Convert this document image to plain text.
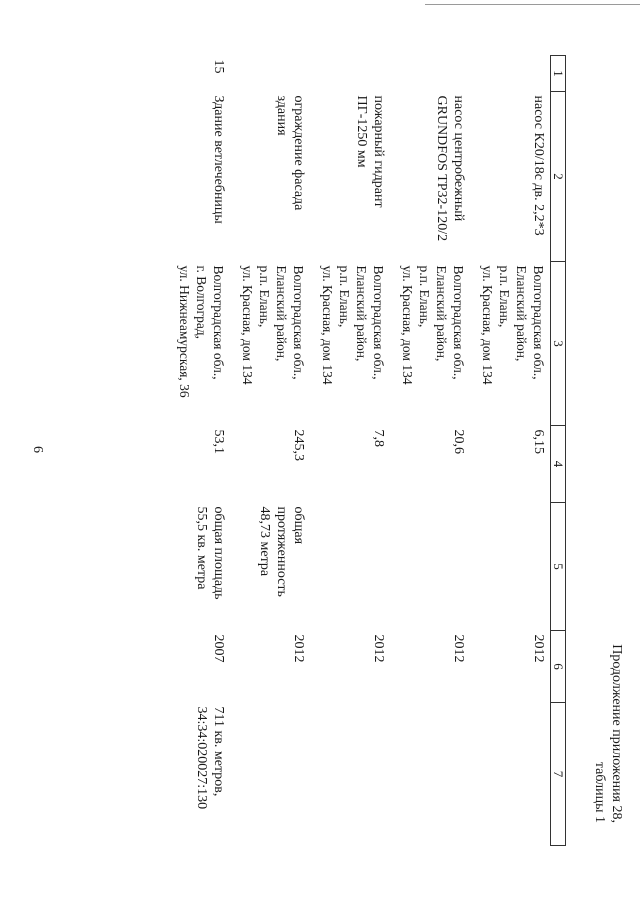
6
Продолжение приложения 28,
таблицы 1
1	2	3	4	5	6	7
	насос К20/18с дв. 2,2*3	Волгоградская обл.,
Еланский район,
р.п. Елань,
ул. Красная, дом 134	6,15		2012	
	насос центробежный
GRUNDFOS TP32-120/2	Волгоградская обл.,
Еланский район,
р.п. Елань,
ул. Красная, дом 134	20,6		2012	
	пожарный гидрант
ПГ-1250 мм	Волгоградская обл.,
Еланский район,
р.п. Елань,
ул. Красная, дом 134	7,8		2012	
	ограждение фасада
здания	Волгоградская обл.,
Еланский район,
р.п. Елань,
ул. Красная, дом 134	245,3	общая
протяженность
48,73 метра	2012	
15	Здание ветлечебницы	Волгоградская обл.,
г. Волгоград,
ул. Нижнеамурская, 36	53,1	общая площадь
55,5 кв. метра	2007	711 кв. метров,
34:34:020027:130
